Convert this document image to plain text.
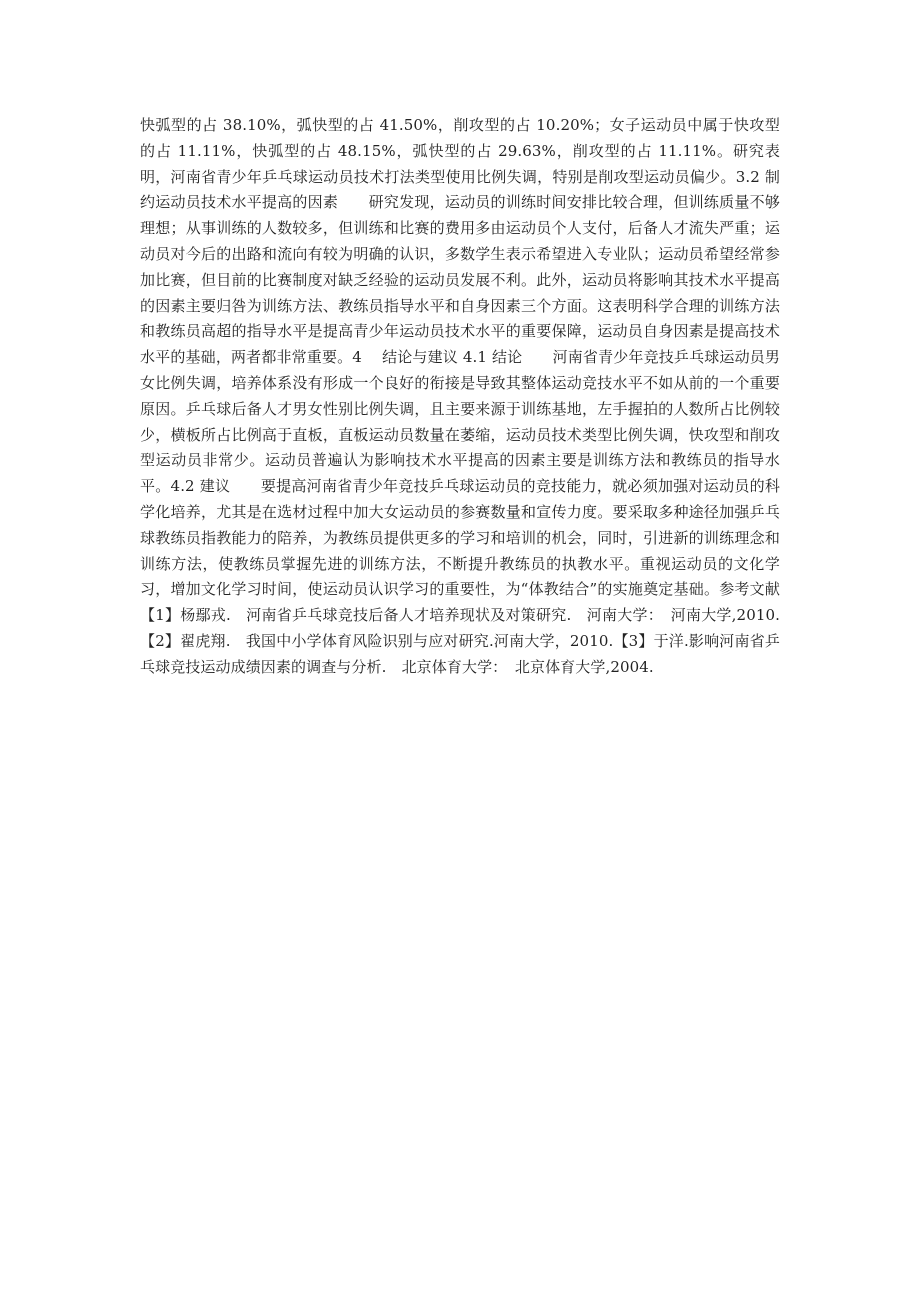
快弧型的占 38.10%，弧快型的占 41.50%，削攻型的占 10.20%；女子运动员中属于快攻型的占 11.11%，快弧型的占 48.15%，弧快型的占 29.63%，削攻型的占 11.11%。研究表明，河南省青少年乒乓球运动员技术打法类型使用比例失调，特别是削攻型运动员偏少。3.2 制约运动员技术水平提高的因素　　研究发现，运动员的训练时间安排比较合理，但训练质量不够理想；从事训练的人数较多，但训练和比赛的费用多由运动员个人支付，后备人才流失严重；运动员对今后的出路和流向有较为明确的认识，多数学生表示希望进入专业队；运动员希望经常参加比赛，但目前的比赛制度对缺乏经验的运动员发展不利。此外，运动员将影响其技术水平提高的因素主要归咎为训练方法、教练员指导水平和自身因素三个方面。这表明科学合理的训练方法和教练员高超的指导水平是提高青少年运动员技术水平的重要保障，运动员自身因素是提高技术水平的基础，两者都非常重要。4　 结论与建议 4.1 结论　　河南省青少年竞技乒乓球运动员男女比例失调，培养体系没有形成一个良好的衔接是导致其整体运动竞技水平不如从前的一个重要原因。乒乓球后备人才男女性别比例失调，且主要来源于训练基地，左手握拍的人数所占比例较少，横板所占比例高于直板，直板运动员数量在萎缩，运动员技术类型比例失调，快攻型和削攻型运动员非常少。运动员普遍认为影响技术水平提高的因素主要是训练方法和教练员的指导水平。4.2 建议　　要提高河南省青少年竞技乒乓球运动员的竞技能力，就必须加强对运动员的科学化培养，尤其是在选材过程中加大女运动员的参赛数量和宣传力度。要采取多种途径加强乒乓球教练员指教能力的陪养，为教练员提供更多的学习和培训的机会，同时，引进新的训练理念和训练方法，使教练员掌握先进的训练方法，不断提升教练员的执教水平。重视运动员的文化学习，增加文化学习时间，使运动员认识学习的重要性，为“体教结合”的实施奠定基础。参考文献【1】杨鄢戎.　河南省乒乓球竞技后备人才培养现状及对策研究.　河南大学：　河南大学,2010.【2】翟虎翔.　我国中小学体育风险识别与应对研究.河南大学，2010.【3】于洋.影响河南省乒乓球竞技运动成绩因素的调查与分析.　北京体育大学：　北京体育大学,2004.
